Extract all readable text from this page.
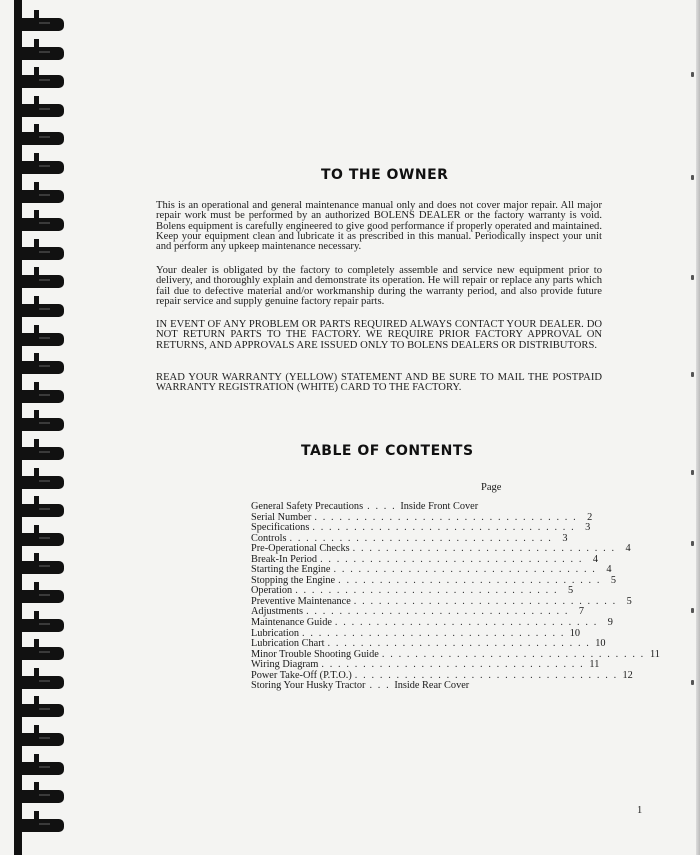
TO THE OWNER

This is an operational and general maintenance manual only and does not cover major repair. All major repair work must be performed by an authorized BOLENS DEALER or the factory warranty is void. Bolens equipment is carefully engineered to give good performance if properly operated and maintained. Keep your equipment clean and lubricate it as prescribed in this manual. Periodically inspect your unit and perform any upkeep maintenance necessary.

Your dealer is obligated by the factory to completely assemble and service new equipment prior to delivery, and thoroughly explain and demonstrate its operation. He will repair or replace any parts which fail due to defective material and/or workmanship during the warranty period, and also provide future repair service and supply genuine factory repair parts.

IN EVENT OF ANY PROBLEM OR PARTS REQUIRED ALWAYS CONTACT YOUR DEALER. DO NOT RETURN PARTS TO THE FACTORY. WE REQUIRE PRIOR FACTORY APPROVAL ON RETURNS, AND APPROVALS ARE ISSUED ONLY TO BOLENS DEALERS OR DISTRIBUTORS.

READ YOUR WARRANTY (YELLOW) STATEMENT AND BE SURE TO MAIL THE POSTPAID WARRANTY REGISTRATION (WHITE) CARD TO THE FACTORY.

TABLE OF CONTENTS
Page
General Safety Precautions . . . . Inside Front Cover
Serial Number . . . . . . . . . . . . . . . . . . . . . . . . . . . . . . . . 2
Specifications . . . . . . . . . . . . . . . . . . . . . . . . . . . . . . . . 3
Controls . . . . . . . . . . . . . . . . . . . . . . . . . . . . . . . . 3
Pre-Operational Checks . . . . . . . . . . . . . . . . . . . . . . . . . . . . . . . . 4
Break-In Period . . . . . . . . . . . . . . . . . . . . . . . . . . . . . . . . 4
Starting the Engine . . . . . . . . . . . . . . . . . . . . . . . . . . . . . . . . 4
Stopping the Engine . . . . . . . . . . . . . . . . . . . . . . . . . . . . . . . . 5
Operation . . . . . . . . . . . . . . . . . . . . . . . . . . . . . . . . 5
Preventive Maintenance . . . . . . . . . . . . . . . . . . . . . . . . . . . . . . . . 5
Adjustments . . . . . . . . . . . . . . . . . . . . . . . . . . . . . . . . 7
Maintenance Guide . . . . . . . . . . . . . . . . . . . . . . . . . . . . . . . . 9
Lubrication . . . . . . . . . . . . . . . . . . . . . . . . . . . . . . . . 10
Lubrication Chart . . . . . . . . . . . . . . . . . . . . . . . . . . . . . . . . 10
Minor Trouble Shooting Guide . . . . . . . . . . . . . . . . . . . . . . . . . . . . . . . . 11
Wiring Diagram . . . . . . . . . . . . . . . . . . . . . . . . . . . . . . . . 11
Power Take-Off (P.T.O.) . . . . . . . . . . . . . . . . . . . . . . . . . . . . . . . . 12
Storing Your Husky Tractor . . . Inside Rear Cover
1
